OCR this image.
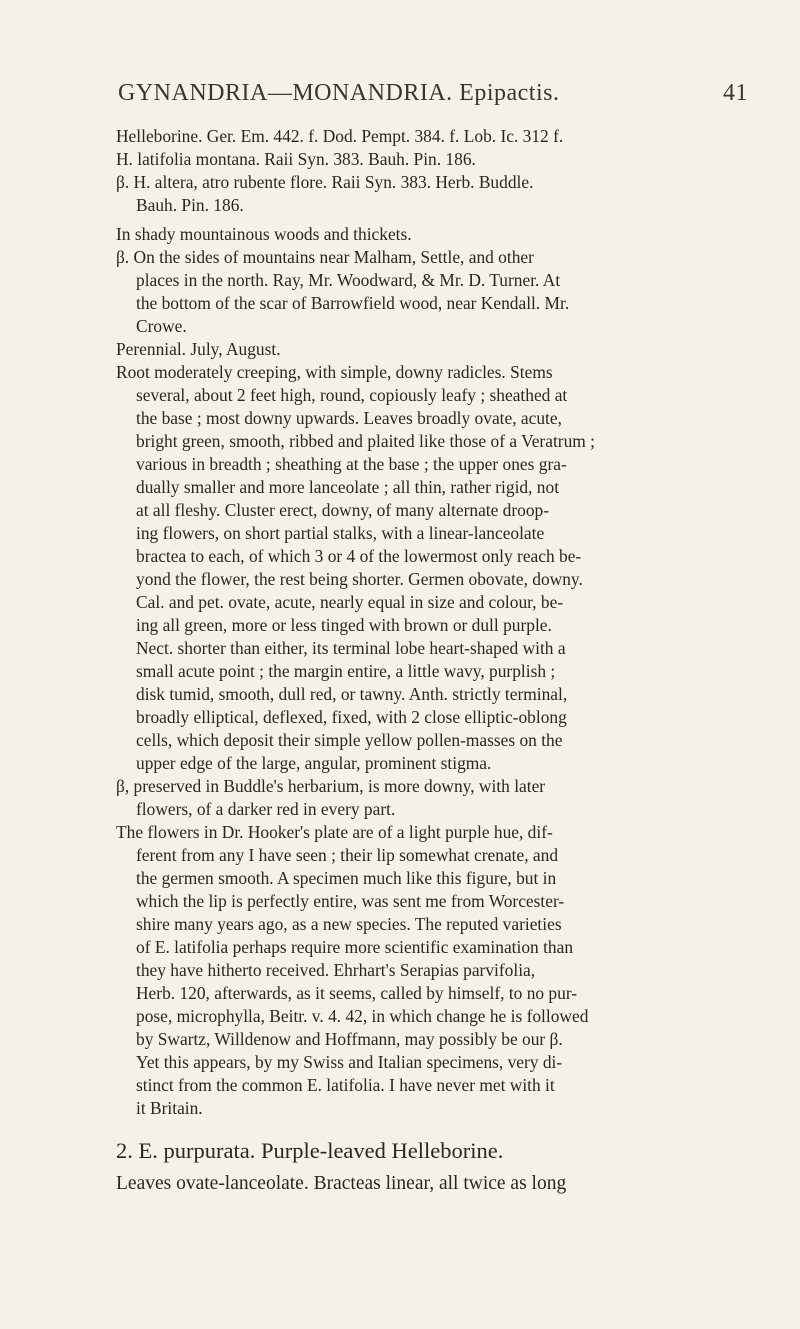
GYNANDRIA—MONANDRIA. Epipactis.	41

Helleborine. Ger. Em. 442. f. Dod. Pempt. 384. f. Lob. Ic. 312 f.

H. latifolia montana. Raii Syn. 383. Bauh. Pin. 186.

β. H. altera, atro rubente flore. Raii Syn. 383. Herb. Buddle.

Bauh. Pin. 186.

In shady mountainous woods and thickets.

β. On the sides of mountains near Malham, Settle, and other

places in the north. Ray, Mr. Woodward, & Mr. D. Turner. At

the bottom of the scar of Barrowfield wood, near Kendall. Mr.

Crowe.

Perennial. July, August.

Root moderately creeping, with simple, downy radicles. Stems

several, about 2 feet high, round, copiously leafy ; sheathed at

the base ; most downy upwards. Leaves broadly ovate, acute,

bright green, smooth, ribbed and plaited like those of a Veratrum ;

various in breadth ; sheathing at the base ; the upper ones gra-

dually smaller and more lanceolate ; all thin, rather rigid, not

at all fleshy. Cluster erect, downy, of many alternate droop-

ing flowers, on short partial stalks, with a linear-lanceolate

bractea to each, of which 3 or 4 of the lowermost only reach be-

yond the flower, the rest being shorter. Germen obovate, downy.

Cal. and pet. ovate, acute, nearly equal in size and colour, be-

ing all green, more or less tinged with brown or dull purple.

Nect. shorter than either, its terminal lobe heart-shaped with a

small acute point ; the margin entire, a little wavy, purplish ;

disk tumid, smooth, dull red, or tawny. Anth. strictly terminal,

broadly elliptical, deflexed, fixed, with 2 close elliptic-oblong

cells, which deposit their simple yellow pollen-masses on the

upper edge of the large, angular, prominent stigma.

β, preserved in Buddle's herbarium, is more downy, with later

flowers, of a darker red in every part.

The flowers in Dr. Hooker's plate are of a light purple hue, dif-

ferent from any I have seen ; their lip somewhat crenate, and

the germen smooth. A specimen much like this figure, but in

which the lip is perfectly entire, was sent me from Worcester-

shire many years ago, as a new species. The reputed varieties

of E. latifolia perhaps require more scientific examination than

they have hitherto received. Ehrhart's Serapias parvifolia,

Herb. 120, afterwards, as it seems, called by himself, to no pur-

pose, microphylla, Beitr. v. 4. 42, in which change he is followed

by Swartz, Willdenow and Hoffmann, may possibly be our β.

Yet this appears, by my Swiss and Italian specimens, very di-

stinct from the common E. latifolia. I have never met with it

it Britain.

2. E. purpurata. Purple-leaved Helleborine.

Leaves ovate-lanceolate. Bracteas linear, all twice as long
